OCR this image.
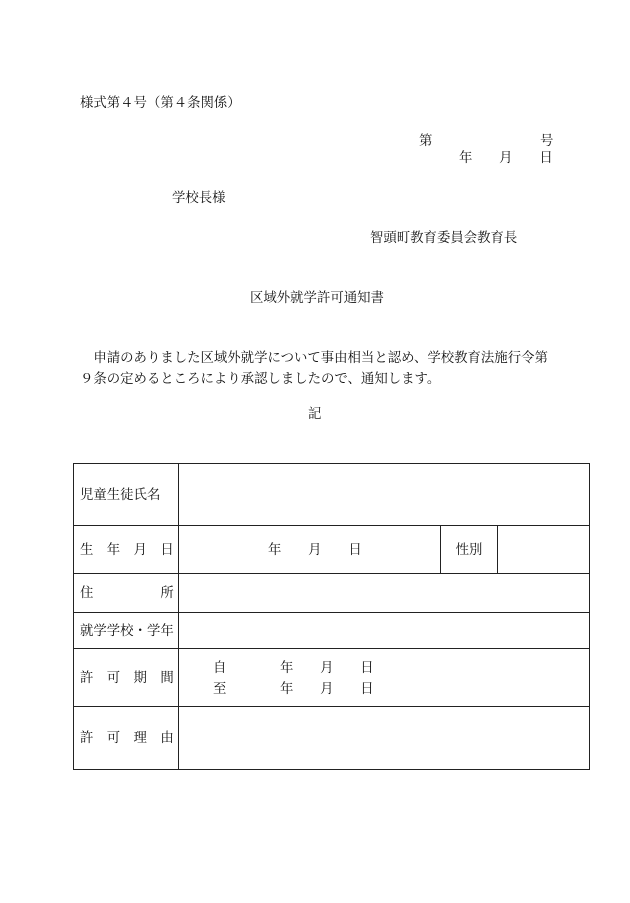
様式第４号（第４条関係）
第	号
年　　月　　日
学校長様
智頭町教育委員会教育長
区域外就学許可通知書
申請のありました区域外就学について事由相当と認め、学校教育法施行令第
９条の定めるところにより承認しましたので、通知します。
記
児童生徒氏名			
生　年　月　日	年　　月　　日	性別	
住　　　　　所			
就学学校・学年			
許　可　期　間	自　　　　年　　月　　日
至　　　　年　　月　　日		

許　可　理　由			
